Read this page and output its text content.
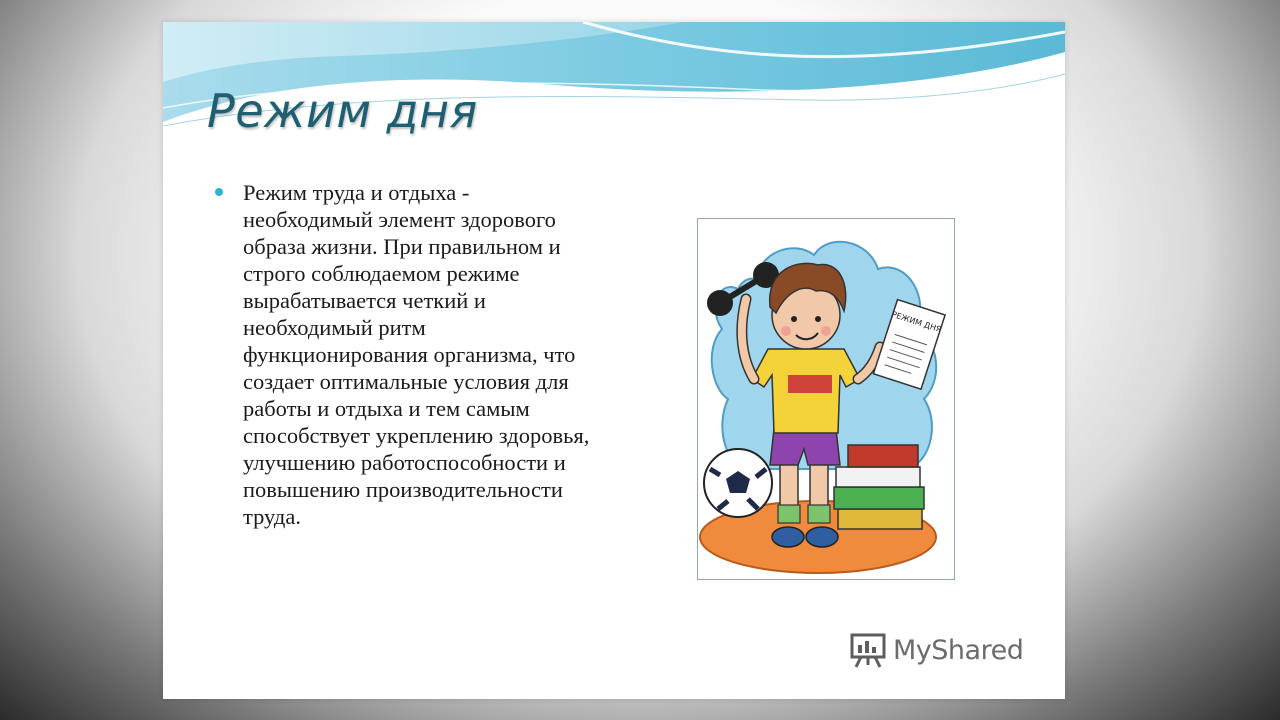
Режим дня

Режим труда и отдыха - необходимый элемент здорового образа жизни. При правильном и строго соблюдаемом режиме вырабатывается четкий и необходимый ритм функционирования организма, что создает оптимальные условия для работы и отдыха и тем самым способствует укреплению здоровья, улучшению работоспособности и повышению производительности труда.

РЕЖИМ ДНЯ
MyShared
